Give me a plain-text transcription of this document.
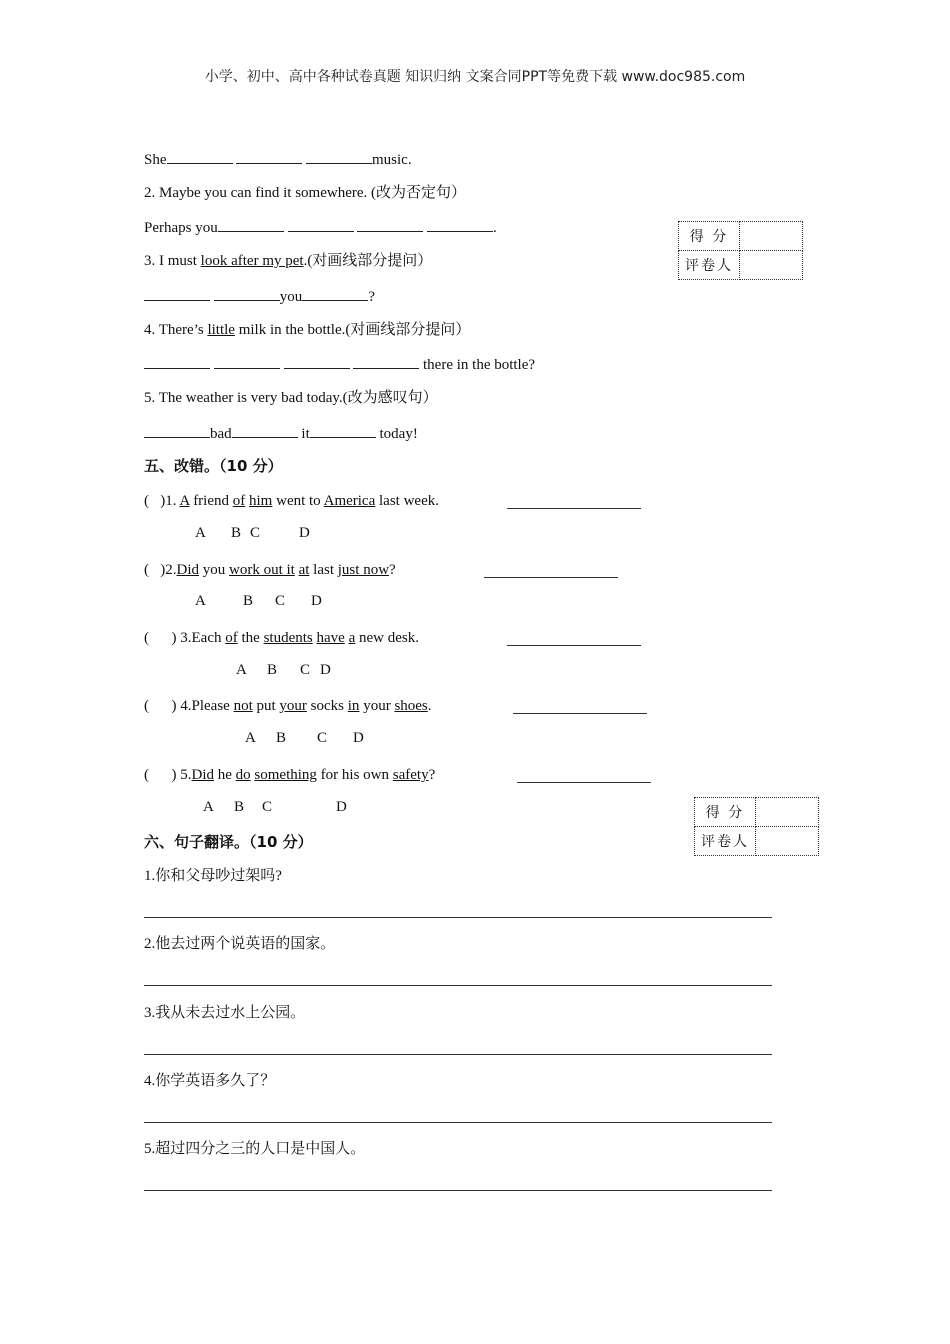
小学、初中、高中各种试卷真题 知识归纳 文案合同PPT等免费下载 www.doc985.com
She	music.
2. Maybe you can find it somewhere. (改为否定句）
Perhaps you	.
3. I must look after my pet.(对画线部分提问）
you	?
4. There’s little milk in the bottle.(对画线部分提问）
there in the bottle?
5. The weather is very bad today.(改为感叹句）
bad	it	today!
得 分	
评卷人	
五、改错。（10 分）
(   )1. A friend of him went to America last week.
A B C	D
(   )2.Did you work out it at last just now?
A B C D
(      ) 3.Each of the students have a new desk.
A B C D
(      ) 4.Please not put your socks in your shoes.
A B C D
(      ) 5.Did he do something for his own safety?
A B C	D	得 分	
评卷人	
六、句子翻译。（10 分）
1.你和父母吵过架吗?
2.他去过两个说英语的国家。
3.我从未去过水上公园。
4.你学英语多久了？
5.超过四分之三的人口是中国人。
